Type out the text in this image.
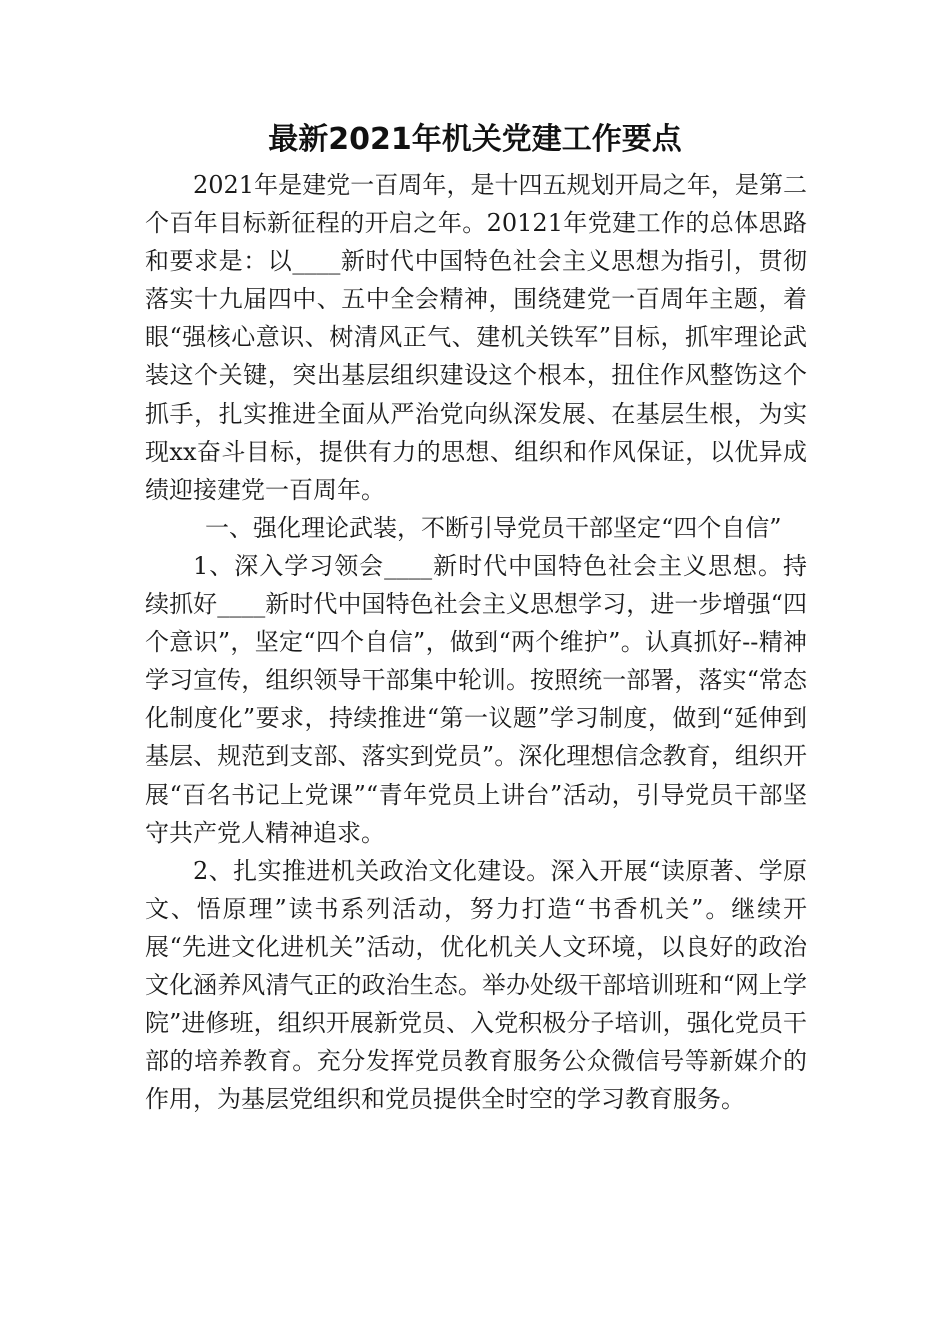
最新2021年机关党建工作要点

2021年是建党一百周年，是十四五规划开局之年，是第二个百年目标新征程的开启之年。20121年党建工作的总体思路和要求是：以____新时代中国特色社会主义思想为指引，贯彻落实十九届四中、五中全会精神，围绕建党一百周年主题，着眼“强核心意识、树清风正气、建机关铁军”目标，抓牢理论武装这个关键，突出基层组织建设这个根本，扭住作风整饬这个抓手，扎实推进全面从严治党向纵深发展、在基层生根，为实现xx奋斗目标，提供有力的思想、组织和作风保证，以优异成绩迎接建党一百周年。

一、强化理论武装，不断引导党员干部坚定“四个自信”

1、深入学习领会____新时代中国特色社会主义思想。持续抓好____新时代中国特色社会主义思想学习，进一步增强“四个意识”，坚定“四个自信”，做到“两个维护”。认真抓好--精神学习宣传，组织领导干部集中轮训。按照统一部署，落实“常态化制度化”要求，持续推进“第一议题”学习制度，做到“延伸到基层、规范到支部、落实到党员”。深化理想信念教育，组织开展“百名书记上党课”“青年党员上讲台”活动，引导党员干部坚守共产党人精神追求。

2、扎实推进机关政治文化建设。深入开展“读原著、学原文、悟原理”读书系列活动，努力打造“书香机关”。继续开展“先进文化进机关”活动，优化机关人文环境，以良好的政治文化涵养风清气正的政治生态。举办处级干部培训班和“网上学院”进修班，组织开展新党员、入党积极分子培训，强化党员干部的培养教育。充分发挥党员教育服务公众微信号等新媒介的作用，为基层党组织和党员提供全时空的学习教育服务。
